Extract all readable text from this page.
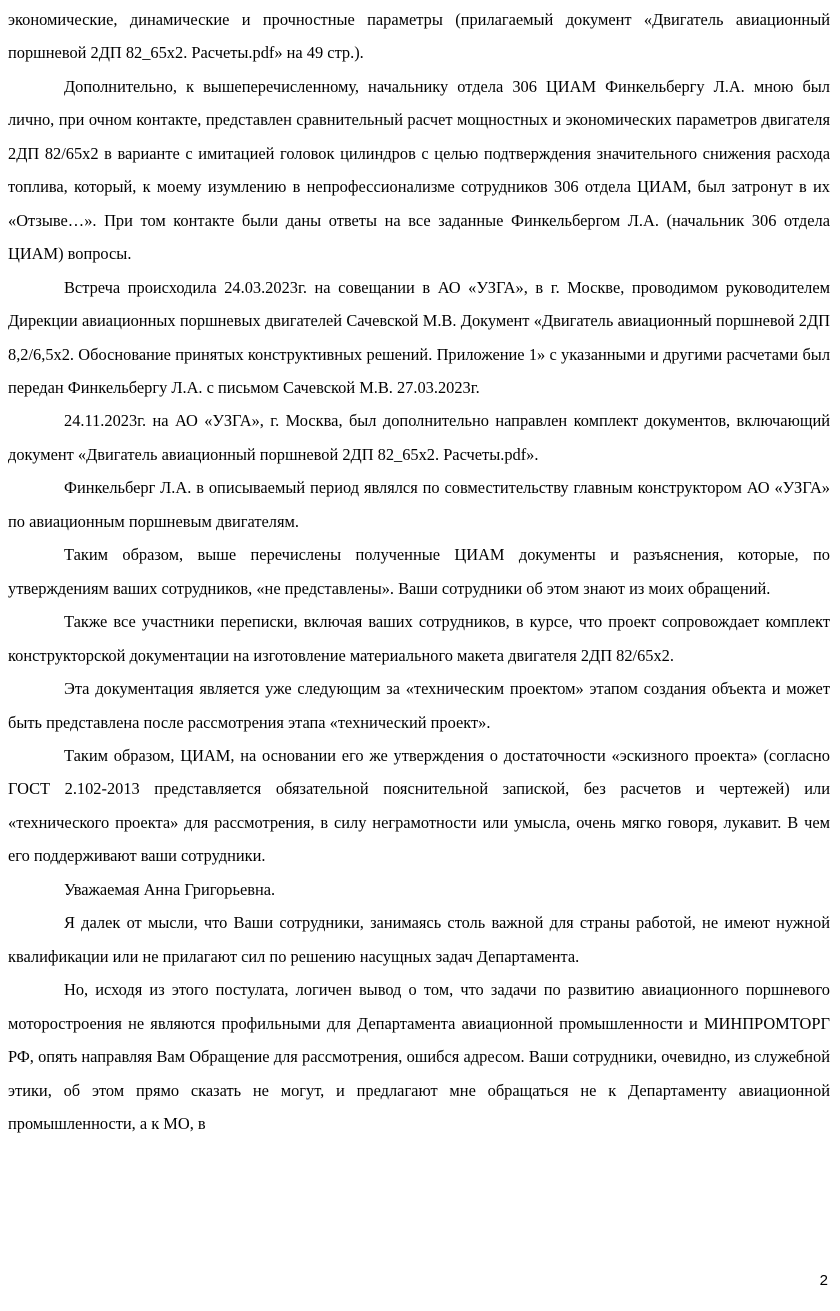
экономические, динамические и прочностные параметры (прилагаемый документ «Двигатель авиационный поршневой 2ДП 82_65х2. Расчеты.pdf» на 49 стр.).

Дополнительно, к вышеперечисленному, начальнику отдела 306 ЦИАМ Финкельбергу Л.А. мною был лично, при очном контакте, представлен сравнительный расчет мощностных и экономических параметров двигателя 2ДП 82/65х2 в варианте с имитацией головок цилиндров с целью подтверждения значительного снижения расхода топлива, который, к моему изумлению в непрофессионализме сотрудников 306 отдела ЦИАМ, был затронут в их «Отзыве…». При том контакте были даны ответы на все заданные Финкельбергом Л.А. (начальник 306 отдела ЦИАМ) вопросы.

Встреча происходила 24.03.2023г. на совещании в АО «УЗГА», в г. Москве, проводимом руководителем Дирекции авиационных поршневых двигателей Сачевской М.В. Документ «Двигатель авиационный поршневой 2ДП 8,2/6,5х2. Обоснование принятых конструктивных решений. Приложение 1» с указанными и другими расчетами был передан Финкельбергу Л.А. с письмом Сачевской М.В. 27.03.2023г.

24.11.2023г. на АО «УЗГА», г. Москва, был дополнительно направлен комплект документов, включающий документ «Двигатель авиационный поршневой 2ДП 82_65х2. Расчеты.pdf».

Финкельберг Л.А. в описываемый период являлся по совместительству главным конструктором АО «УЗГА» по авиационным поршневым двигателям.

Таким образом, выше перечислены полученные ЦИАМ документы и разъяснения, которые, по утверждениям ваших сотрудников, «не представлены». Ваши сотрудники об этом знают из моих обращений.

Также все участники переписки, включая ваших сотрудников, в курсе, что проект сопровождает комплект конструкторской документации на изготовление материального макета двигателя 2ДП 82/65х2.

Эта документация является уже следующим за «техническим проектом» этапом создания объекта и может быть представлена после рассмотрения этапа «технический проект».

Таким образом, ЦИАМ, на основании его же утверждения о достаточности «эскизного проекта» (согласно ГОСТ 2.102-2013 представляется обязательной пояснительной запиской, без расчетов и чертежей) или «технического проекта» для рассмотрения, в силу неграмотности или умысла, очень мягко говоря, лукавит. В чем его поддерживают ваши сотрудники.

Уважаемая Анна Григорьевна.

Я далек от мысли, что Ваши сотрудники, занимаясь столь важной для страны работой, не имеют нужной квалификации или не прилагают сил по решению насущных задач Департамента.

Но, исходя из этого постулата, логичен вывод о том, что задачи по развитию авиационного поршневого моторостроения не являются профильными для Департамента авиационной промышленности и МИНПРОМТОРГ РФ, опять направляя Вам Обращение для рассмотрения, ошибся адресом. Ваши сотрудники, очевидно, из служебной этики, об этом прямо сказать не могут, и предлагают мне обращаться не к Департаменту авиационной промышленности, а к МО, в

2
